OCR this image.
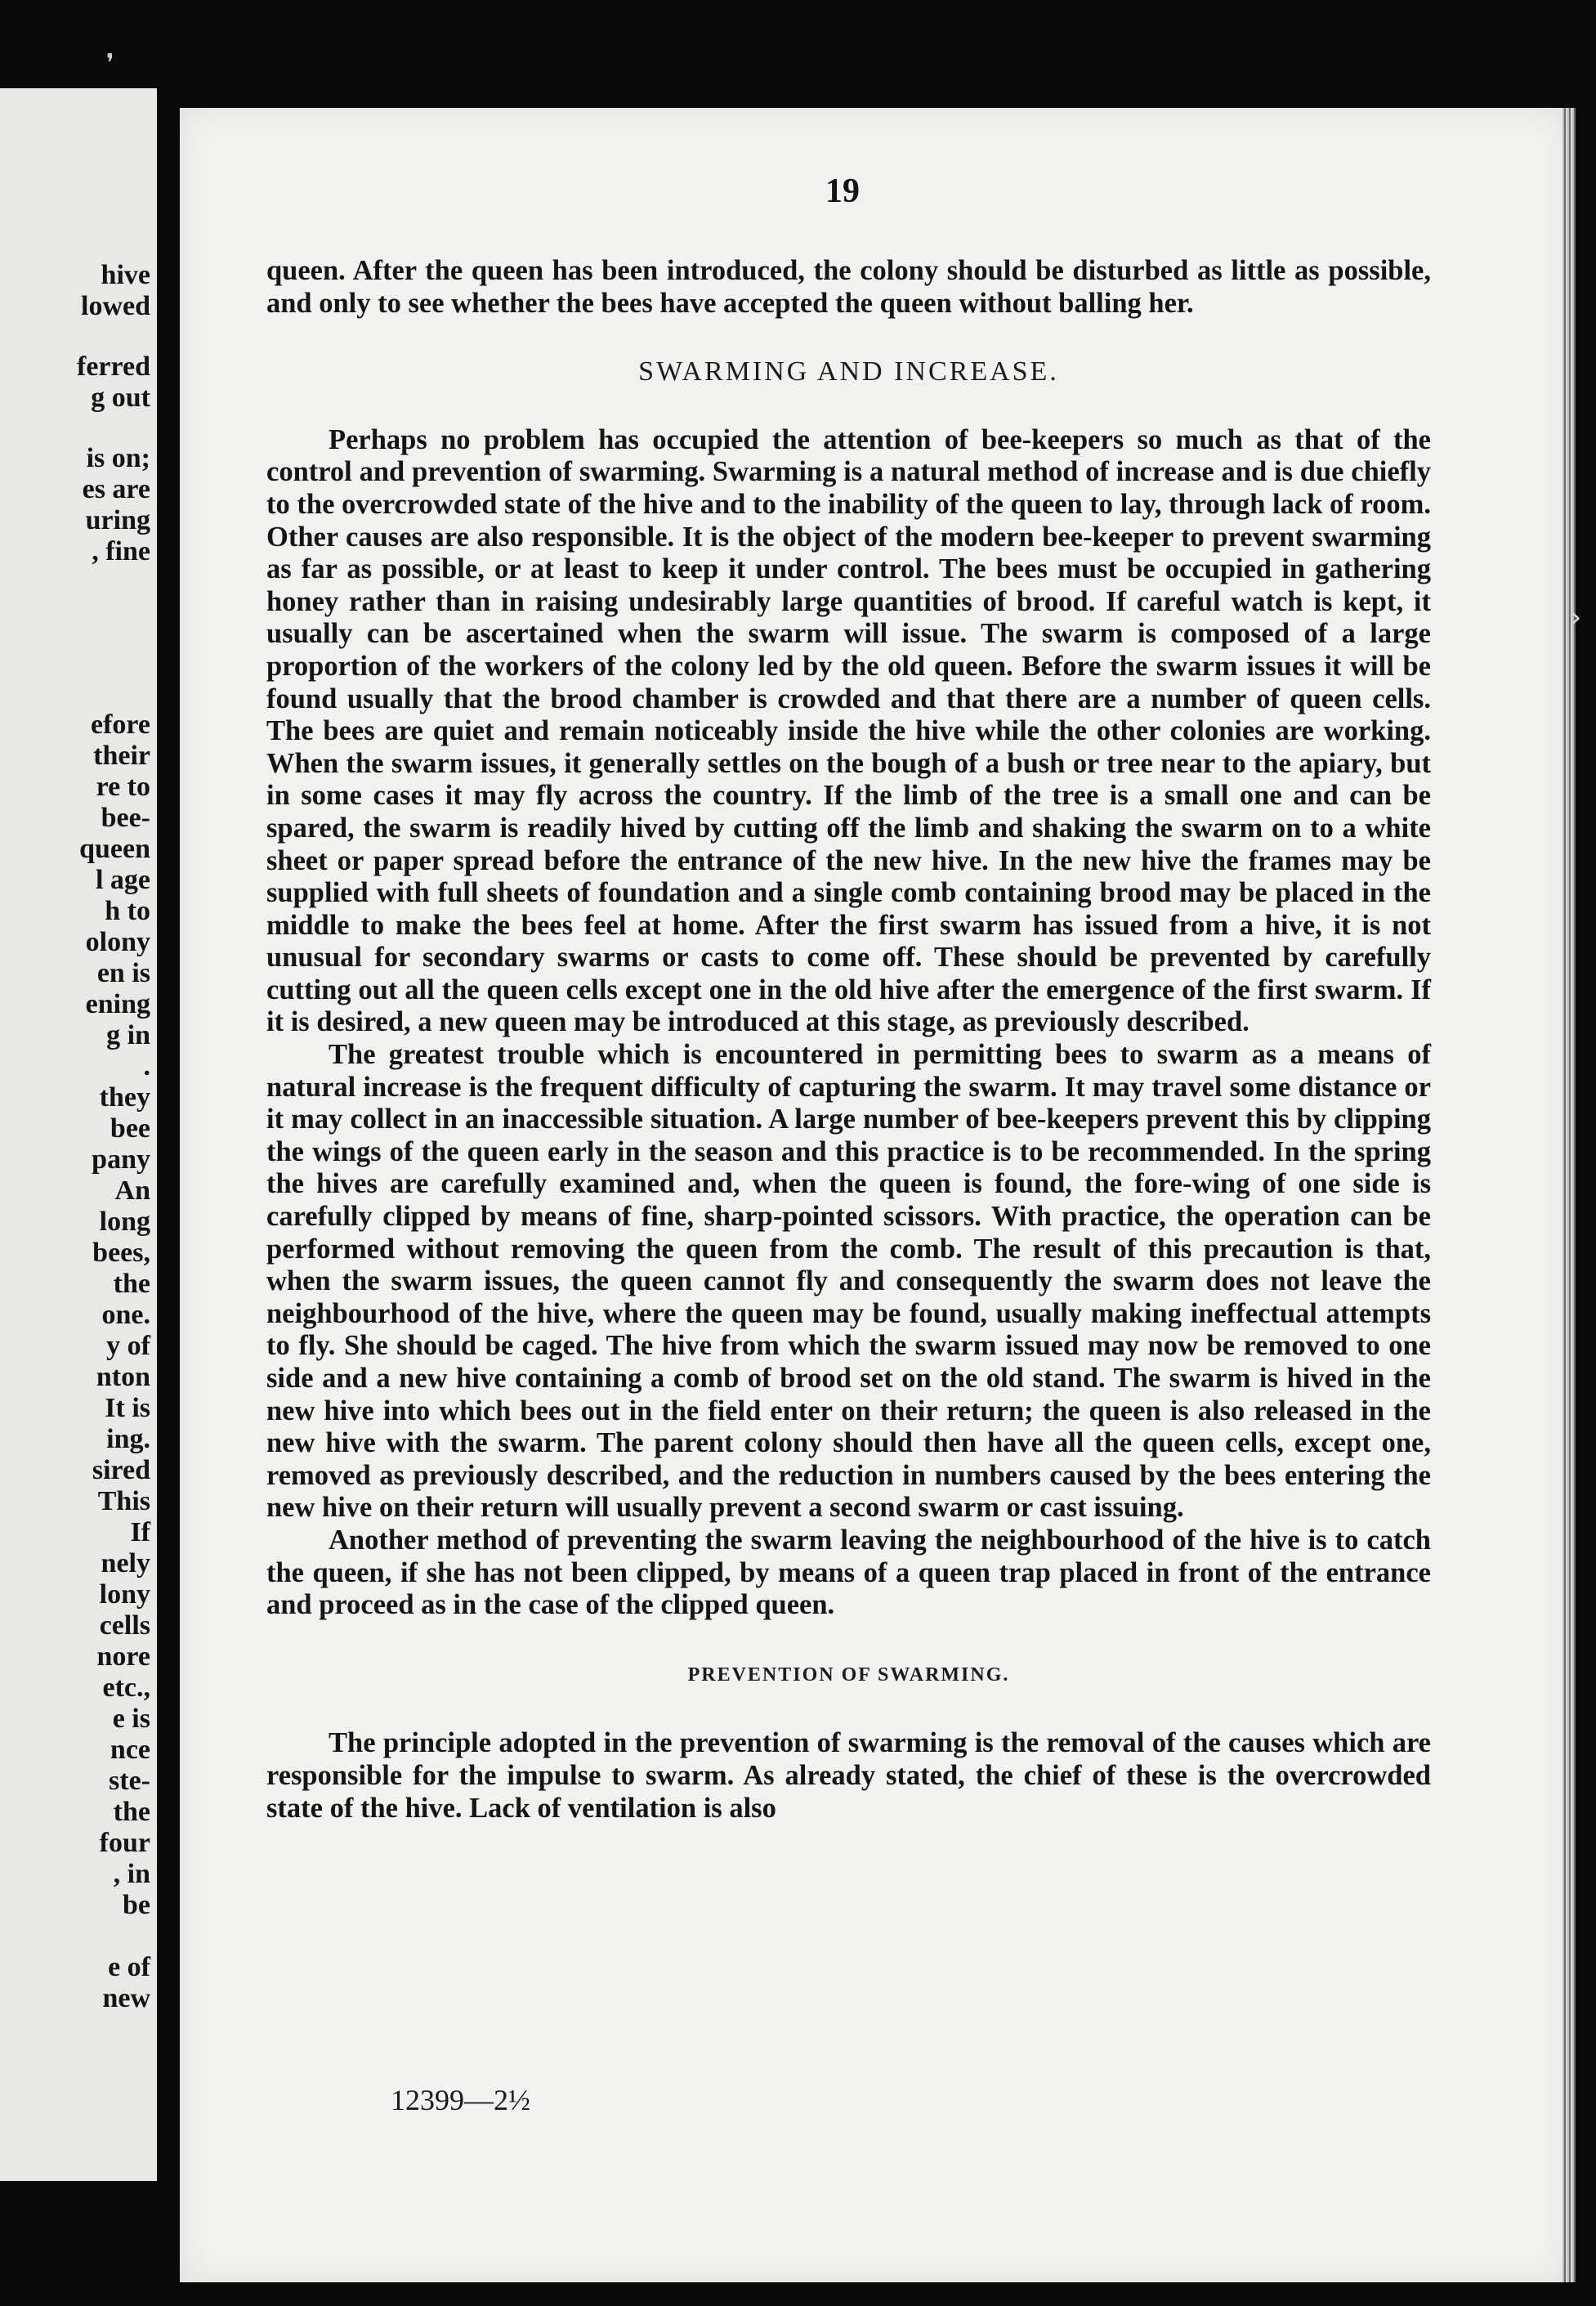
hive
lowed
ferred
g out
is on;
es are
uring
, fine
efore
their
re to
bee-
queen
l age
h to
olony
en is
ening
g in
.
they
bee
pany
An
long
bees,
the
one.
y of
nton
It is
ing.
sired
This
If
nely
lony
cells
nore
etc.,
e is
nce
ste-
the
four
, in
be
e of
new
❜
›
19

queen. After the queen has been introduced, the colony should be disturbed as little as possible, and only to see whether the bees have accepted the queen without balling her.

SWARMING AND INCREASE.

Perhaps no problem has occupied the attention of bee-keepers so much as that of the control and prevention of swarming. Swarming is a natural method of increase and is due chiefly to the overcrowded state of the hive and to the inability of the queen to lay, through lack of room. Other causes are also responsible. It is the object of the modern bee-keeper to prevent swarming as far as possible, or at least to keep it under control. The bees must be occupied in gathering honey rather than in raising undesirably large quantities of brood. If careful watch is kept, it usually can be ascertained when the swarm will issue. The swarm is composed of a large proportion of the workers of the colony led by the old queen. Before the swarm issues it will be found usually that the brood chamber is crowded and that there are a number of queen cells. The bees are quiet and remain noticeably inside the hive while the other colonies are working. When the swarm issues, it generally settles on the bough of a bush or tree near to the apiary, but in some cases it may fly across the country. If the limb of the tree is a small one and can be spared, the swarm is readily hived by cutting off the limb and shaking the swarm on to a white sheet or paper spread before the entrance of the new hive. In the new hive the frames may be supplied with full sheets of foundation and a single comb containing brood may be placed in the middle to make the bees feel at home. After the first swarm has issued from a hive, it is not unusual for secondary swarms or casts to come off. These should be prevented by carefully cutting out all the queen cells except one in the old hive after the emergence of the first swarm. If it is desired, a new queen may be introduced at this stage, as previously described.

The greatest trouble which is encountered in permitting bees to swarm as a means of natural increase is the frequent difficulty of capturing the swarm. It may travel some distance or it may collect in an inaccessible situation. A large number of bee-keepers prevent this by clipping the wings of the queen early in the season and this practice is to be recommended. In the spring the hives are carefully examined and, when the queen is found, the fore-wing of one side is carefully clipped by means of fine, sharp-pointed scissors. With practice, the operation can be performed without removing the queen from the comb. The result of this precaution is that, when the swarm issues, the queen cannot fly and consequently the swarm does not leave the neighbourhood of the hive, where the queen may be found, usually making ineffectual attempts to fly. She should be caged. The hive from which the swarm issued may now be removed to one side and a new hive containing a comb of brood set on the old stand. The swarm is hived in the new hive into which bees out in the field enter on their return; the queen is also released in the new hive with the swarm. The parent colony should then have all the queen cells, except one, removed as previously described, and the reduction in numbers caused by the bees entering the new hive on their return will usually prevent a second swarm or cast issuing.

Another method of preventing the swarm leaving the neighbourhood of the hive is to catch the queen, if she has not been clipped, by means of a queen trap placed in front of the entrance and proceed as in the case of the clipped queen.

PREVENTION OF SWARMING.

The principle adopted in the prevention of swarming is the removal of the causes which are responsible for the impulse to swarm. As already stated, the chief of these is the overcrowded state of the hive. Lack of ventilation is also

12399—2½
